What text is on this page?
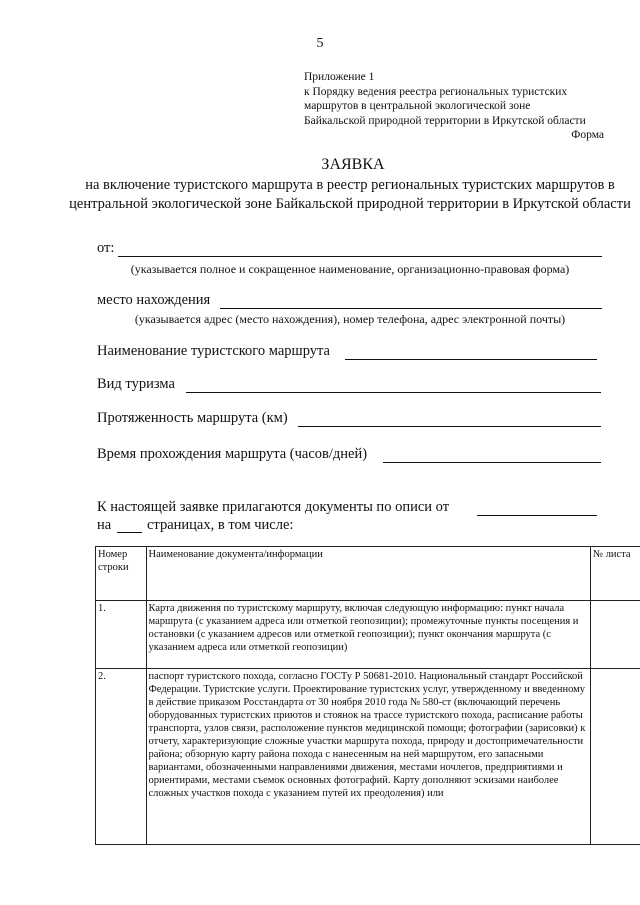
5
Приложение 1
к Порядку ведения реестра региональных туристских
маршрутов в центральной экологической зоне
Байкальской природной территории в Иркутской области
Форма
ЗАЯВКА
на включение туристского маршрута в реестр региональных туристских маршрутов в центральной экологической зоне Байкальской природной территории в Иркутской области
от:
(указывается полное и сокращенное наименование, организационно-правовая форма)
место нахождения
(указывается адрес (место нахождения), номер телефона, адрес электронной почты)
Наименование туристского маршрута
Вид туризма
Протяженность маршрута (км)
Время прохождения маршрута (часов/дней)
К настоящей заявке прилагаются документы по описи от
на страницах, в том числе:
Номер строки	Наименование документа/информации	№ листа
1.	Карта движения по туристскому маршруту, включая следующую информацию: пункт начала маршрута (с указанием адреса или отметкой геопозиции); промежуточные пункты посещения и остановки (с указанием адресов или отметкой геопозиции); пункт окончания маршрута (с указанием адреса или отметкой геопозиции)	
2.	паспорт туристского похода, согласно ГОСТу Р 50681-2010. Национальный стандарт Российской Федерации. Туристские услуги. Проектирование туристских услуг, утвержденному и введенному в действие приказом Росстандарта от 30 ноября 2010 года № 580-ст (включающий перечень оборудованных туристских приютов и стоянок на трассе туристского похода, расписание работы транспорта, узлов связи, расположение пунктов медицинской помощи; фотографии (зарисовки) к отчету, характеризующие сложные участки маршрута похода, природу и достопримечательности района; обзорную карту района похода с нанесенным на ней маршрутом, его запасными вариантами, обозначенными направлениями движения, местами ночлегов, предприятиями и ориентирами, местами съемок основных фотографий. Карту дополняют эскизами наиболее сложных участков похода с указанием путей их преодоления) или	
